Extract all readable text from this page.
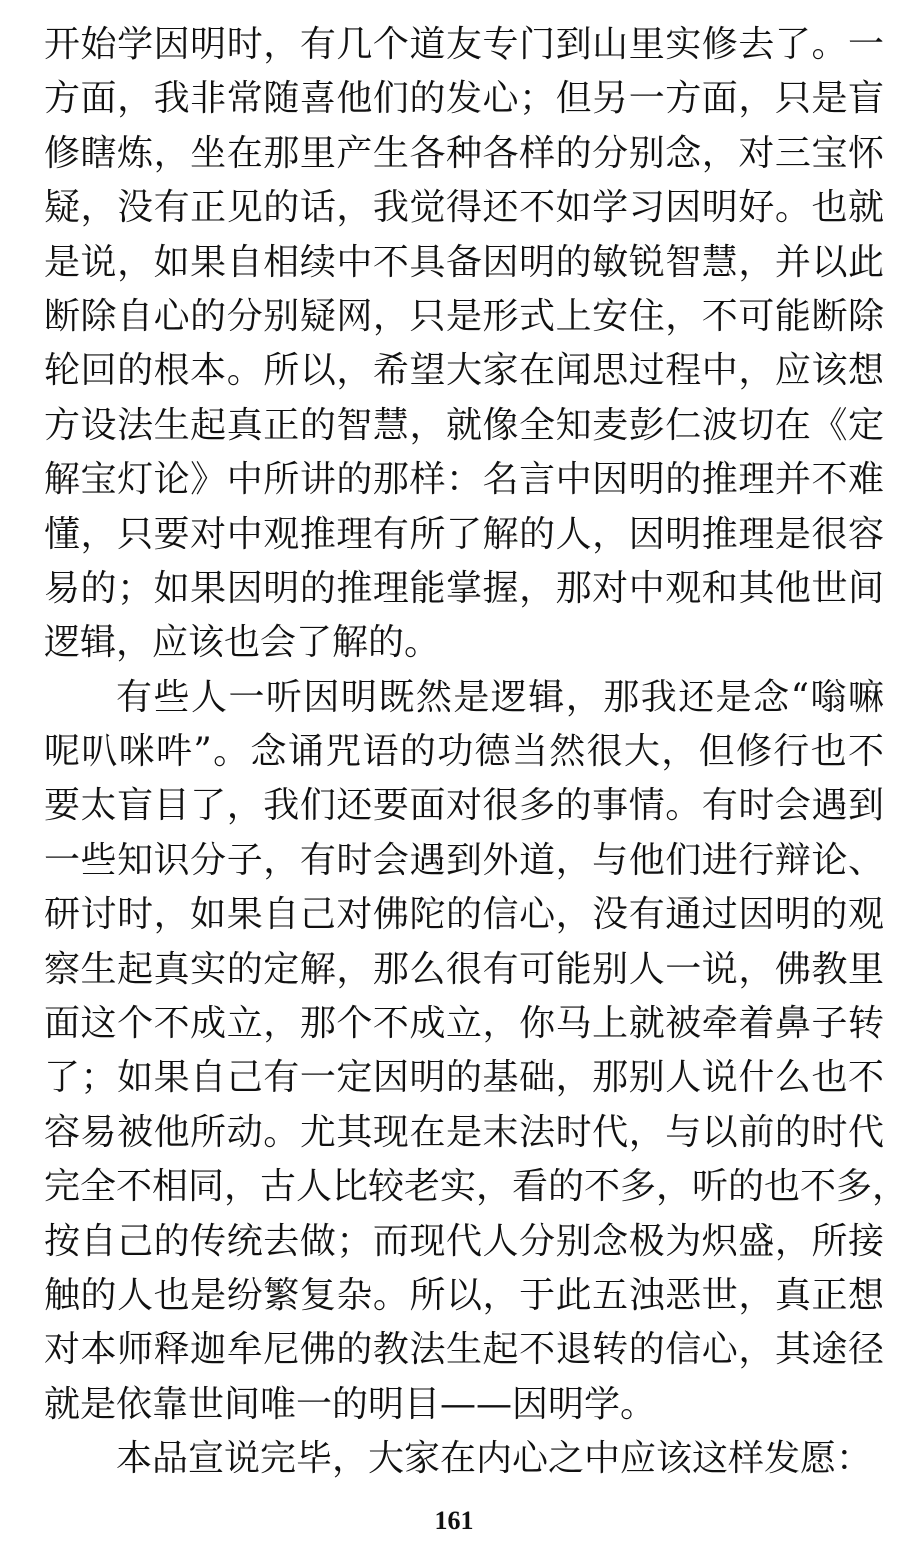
开始学因明时，有几个道友专门到山里实修去了。一
方面，我非常随喜他们的发心；但另一方面，只是盲
修瞎炼，坐在那里产生各种各样的分别念，对三宝怀
疑，没有正见的话，我觉得还不如学习因明好。也就
是说，如果自相续中不具备因明的敏锐智慧，并以此
断除自心的分别疑网，只是形式上安住，不可能断除
轮回的根本。所以，希望大家在闻思过程中，应该想
方设法生起真正的智慧，就像全知麦彭仁波切在《定
解宝灯论》中所讲的那样：名言中因明的推理并不难
懂，只要对中观推理有所了解的人，因明推理是很容
易的；如果因明的推理能掌握，那对中观和其他世间
逻辑，应该也会了解的。
有些人一听因明既然是逻辑，那我还是念“嗡嘛
呢叭咪吽”。念诵咒语的功德当然很大，但修行也不
要太盲目了，我们还要面对很多的事情。有时会遇到
一些知识分子，有时会遇到外道，与他们进行辩论、
研讨时，如果自己对佛陀的信心，没有通过因明的观
察生起真实的定解，那么很有可能别人一说，佛教里
面这个不成立，那个不成立，你马上就被牵着鼻子转
了；如果自己有一定因明的基础，那别人说什么也不
容易被他所动。尤其现在是末法时代，与以前的时代
完全不相同，古人比较老实，看的不多，听的也不多，
按自己的传统去做；而现代人分别念极为炽盛，所接
触的人也是纷繁复杂。所以，于此五浊恶世，真正想
对本师释迦牟尼佛的教法生起不退转的信心，其途径
就是依靠世间唯一的明目——因明学。
本品宣说完毕，大家在内心之中应该这样发愿：
161
